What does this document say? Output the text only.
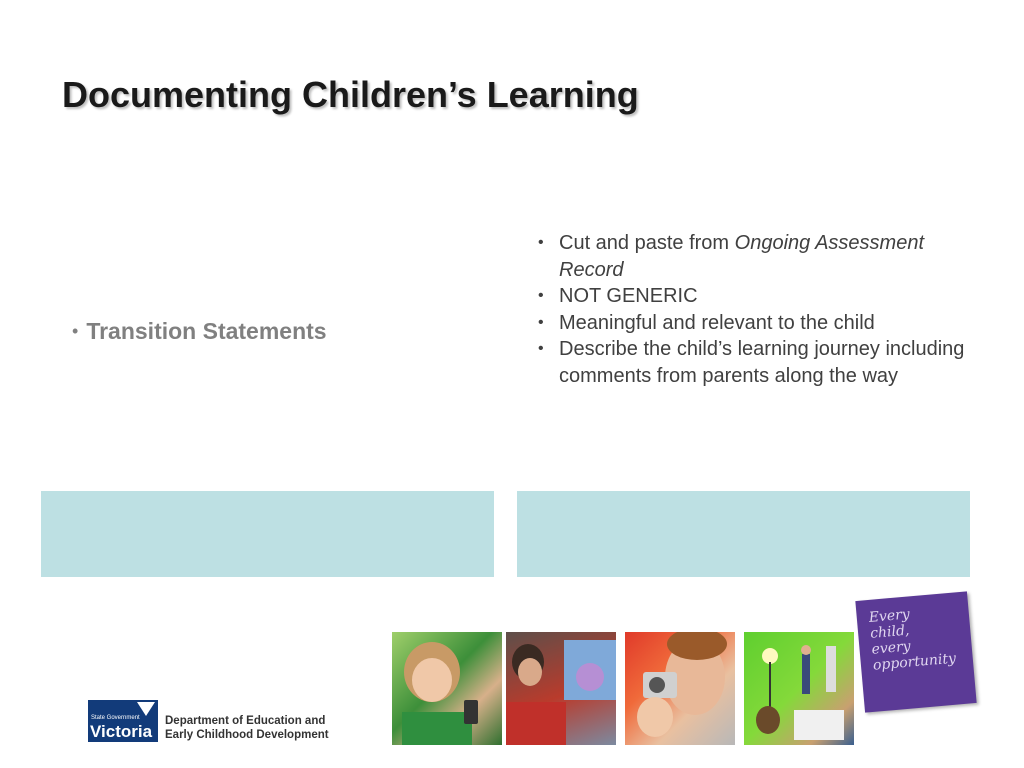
Documenting Children’s Learning
• Transition Statements
• Cut and paste from Ongoing Assessment Record
• NOT GENERIC
• Meaningful and relevant to the child
• Describe the child’s learning journey including comments from parents along the way
State Government
Victoria
Department of Education and
Early Childhood Development
Every
child,
every
opportunity
